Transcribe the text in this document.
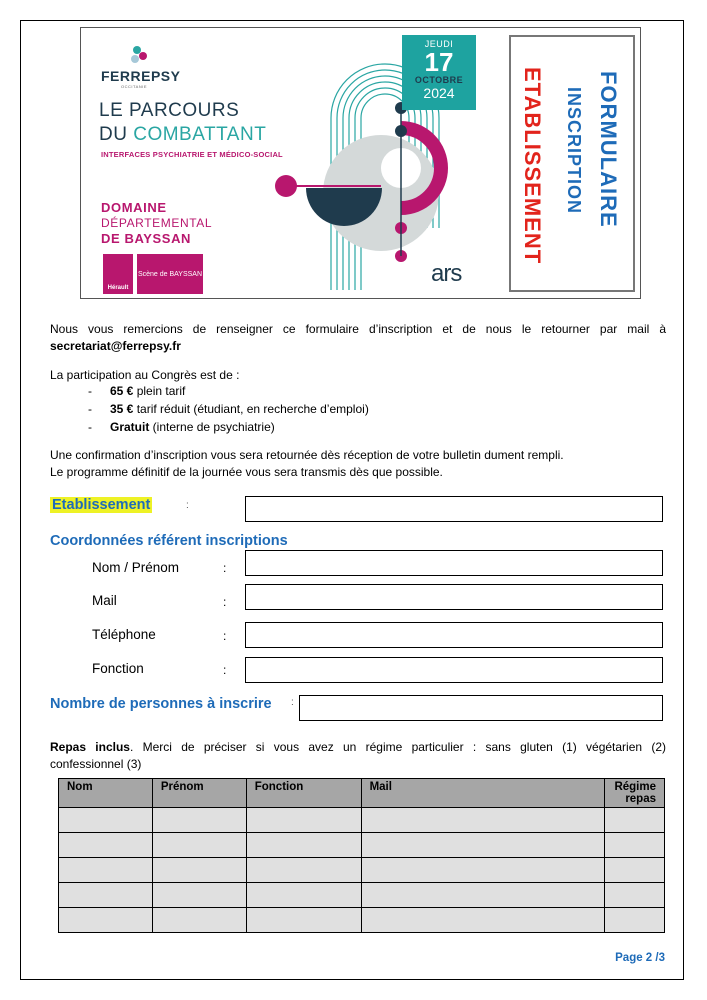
FERREPSY
OCCITANIE
LE PARCOURS
DU COMBATTANT
INTERFACES PSYCHIATRIE ET MÉDICO-SOCIAL
DOMAINE
DÉPARTEMENTAL
DE BAYSSAN
Hérault
Scène de BAYSSAN
JEUDI
17
OCTOBRE
2024
ars
FORMULAIRE
INSCRIPTION
ETABLISSEMENT
Nous vous remercions de renseigner ce formulaire d’inscription et de nous le retourner par mail à
secretariat@ferrepsy.fr
La participation au Congrès est de :
- 65 € plein tarif
- 35 € tarif réduit (étudiant, en recherche d’emploi)
- Gratuit (interne de psychiatrie)
Une confirmation d’inscription vous sera retournée dès réception de votre bulletin dument rempli.
Le programme définitif de la journée vous sera transmis dès que possible.
Etablissement	:
Coordonnées référent inscriptions
Nom / Prénom	:
Mail	:
Téléphone	:
Fonction	:
Nombre de personnes à inscrire :
Repas inclus. Merci de préciser si vous avez un régime particulier : sans gluten (1) végétarien (2)
confessionnel (3)
Nom	Prénom	Fonction	Mail	Régime repas

Page 2 /3
